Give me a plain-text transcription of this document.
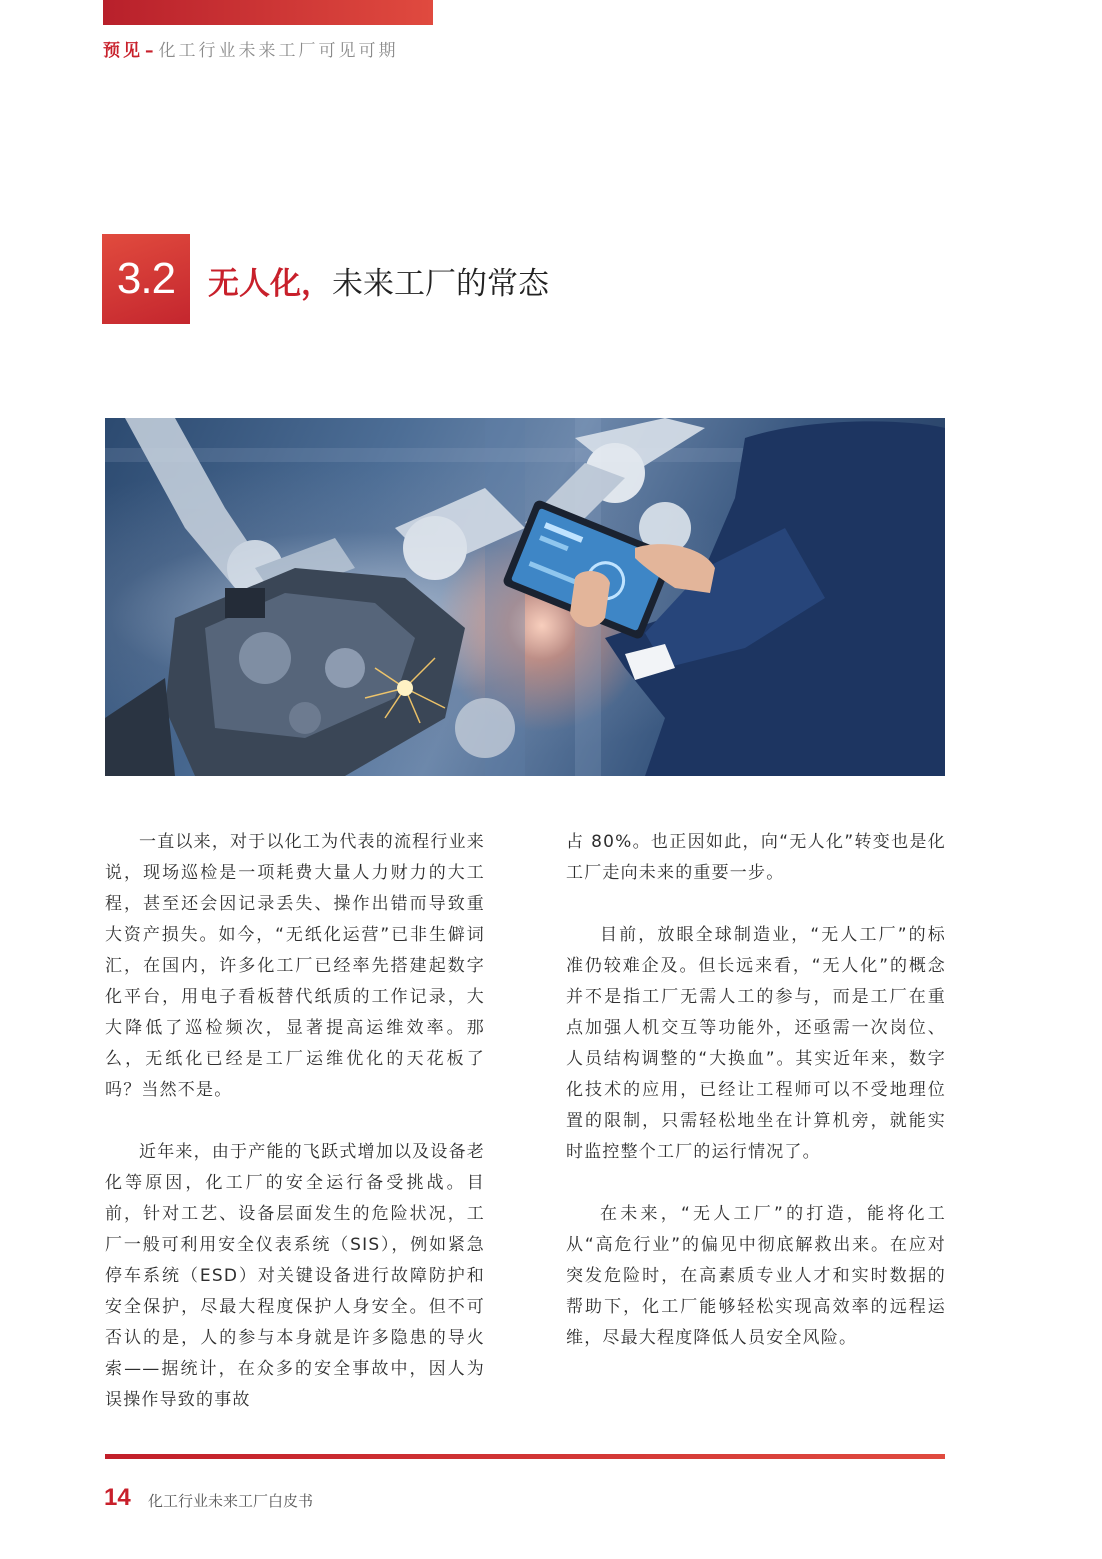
预见 – 化工行业未来工厂可见可期
3.2 无人化，未来工厂的常态

一直以来，对于以化工为代表的流程行业来说，现场巡检是一项耗费大量人力财力的大工程，甚至还会因记录丢失、操作出错而导致重大资产损失。如今，“无纸化运营”已非生僻词汇，在国内，许多化工厂已经率先搭建起数字化平台，用电子看板替代纸质的工作记录，大大降低了巡检频次，显著提高运维效率。那么，无纸化已经是工厂运维优化的天花板了吗？当然不是。

近年来，由于产能的飞跃式增加以及设备老化等原因，化工厂的安全运行备受挑战。目前，针对工艺、设备层面发生的危险状况，工厂一般可利用安全仪表系统（SIS），例如紧急停车系统（ESD）对关键设备进行故障防护和安全保护，尽最大程度保护人身安全。但不可否认的是，人的参与本身就是许多隐患的导火索——据统计，在众多的安全事故中，因人为误操作导致的事故

占 80%。也正因如此，向“无人化”转变也是化工厂走向未来的重要一步。

目前，放眼全球制造业，“无人工厂”的标准仍较难企及。但长远来看，“无人化”的概念并不是指工厂无需人工的参与，而是工厂在重点加强人机交互等功能外，还亟需一次岗位、人员结构调整的“大换血”。其实近年来，数字化技术的应用，已经让工程师可以不受地理位置的限制，只需轻松地坐在计算机旁，就能实时监控整个工厂的运行情况了。

在未来，“无人工厂”的打造，能将化工从“高危行业”的偏见中彻底解救出来。在应对突发危险时，在高素质专业人才和实时数据的帮助下，化工厂能够轻松实现高效率的远程运维，尽最大程度降低人员安全风险。

14 化工行业未来工厂白皮书
